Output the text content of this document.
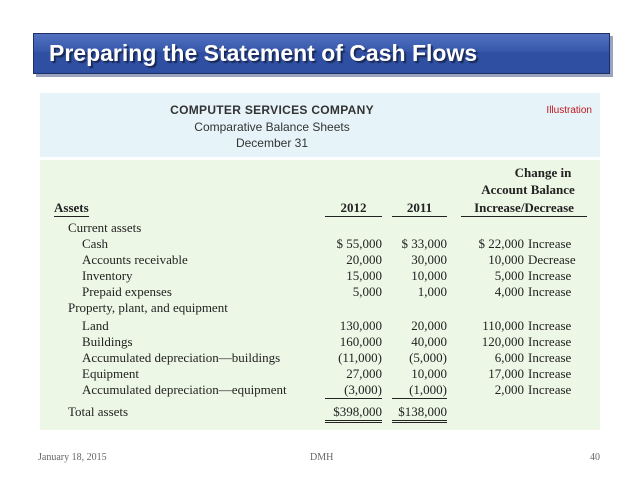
Preparing the Statement of Cash Flows
COMPUTER SERVICES COMPANY
Comparative Balance Sheets
December 31
Illustration
Change in
Account Balance
Assets	2012	2011	Increase/Decrease
Current assets
Cash	$ 55,000	$ 33,000	$ 22,000 Increase
Accounts receivable	20,000	30,000	10,000 Decrease
Inventory	15,000	10,000	5,000 Increase
Prepaid expenses	5,000	1,000	4,000 Increase
Property, plant, and equipment
Land	130,000	20,000	110,000 Increase
Buildings	160,000	40,000	120,000 Increase
Accumulated depreciation—buildings	(11,000)	(5,000)	6,000 Increase
Equipment	27,000	10,000	17,000 Increase
Accumulated depreciation—equipment	(3,000)	(1,000)	2,000 Increase
Total assets	$398,000	$138,000
January 18, 2015	DMH	40
